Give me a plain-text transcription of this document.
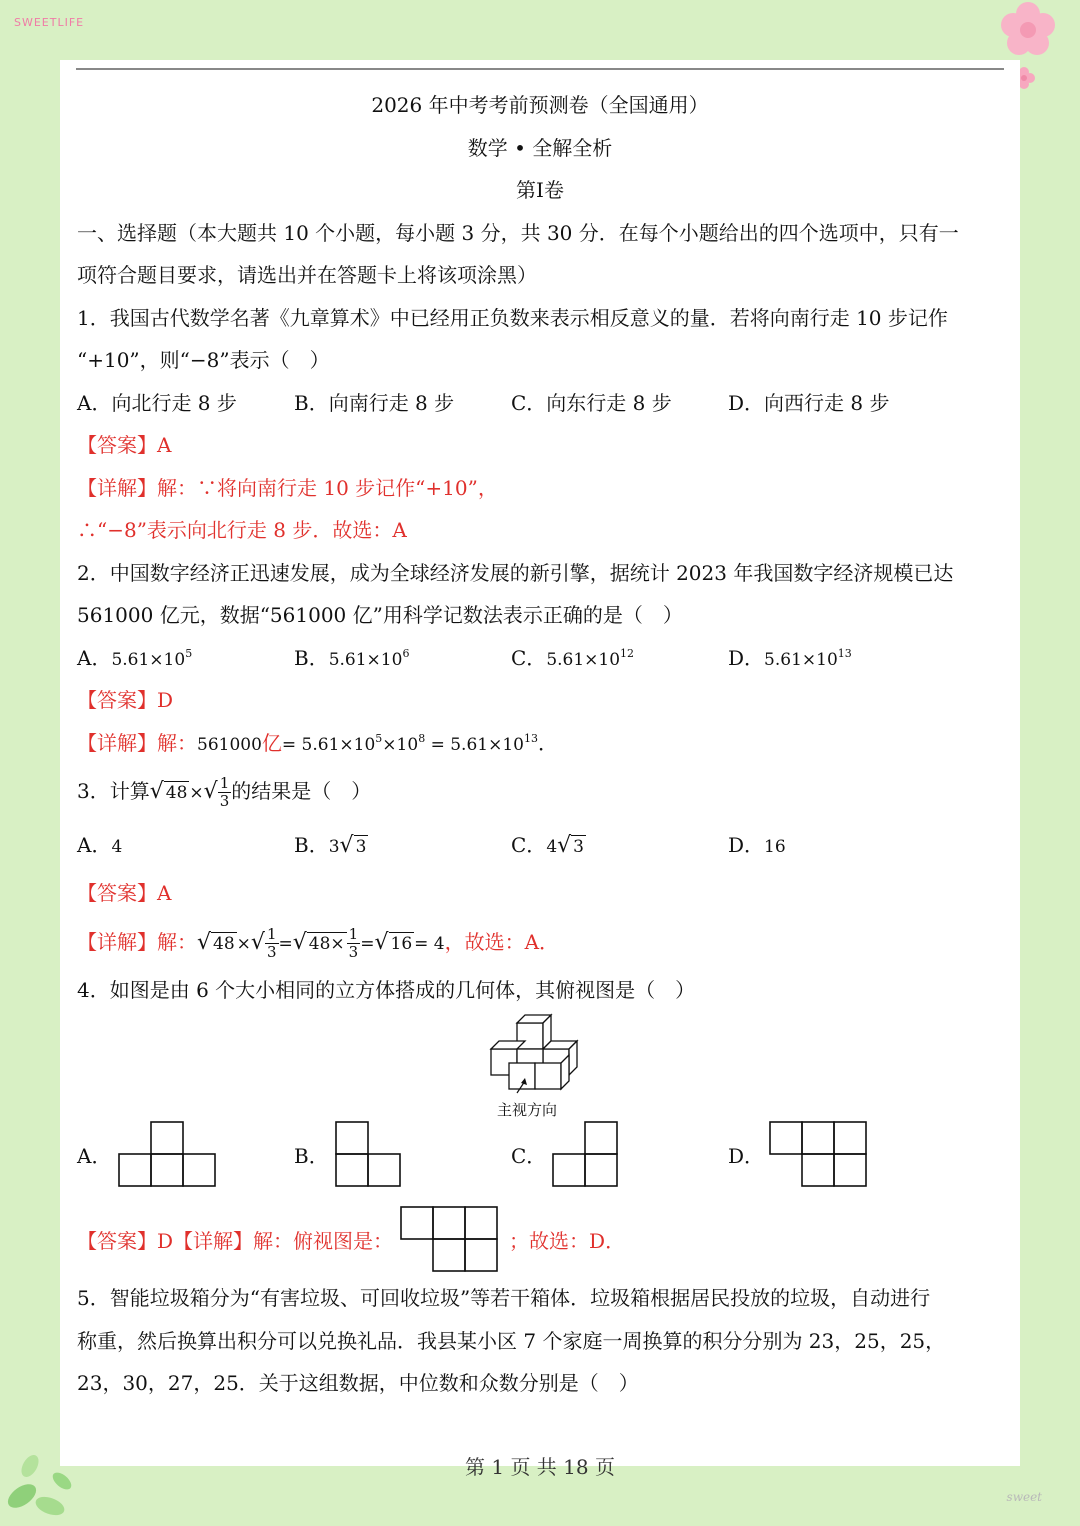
SWEETLIFE
sweet
2026 年中考考前预测卷（全国通用）
数学 • 全解全析
第Ⅰ卷
一、选择题（本大题共 10 个小题，每小题 3 分，共 30 分．在每个小题给出的四个选项中，只有一
项符合题目要求，请选出并在答题卡上将该项涂黑）
1．我国古代数学名著《九章算术》中已经用正负数来表示相反意义的量．若将向南行走 10 步记作
“+10”，则“−8”表示（　）
A．向北行走 8 步	B．向南行走 8 步	C．向东行走 8 步	D．向西行走 8 步
【答案】A
【详解】解：∵将向南行走 10 步记作“+10”，
∴“−8”表示向北行走 8 步．故选：A
2．中国数字经济正迅速发展，成为全球经济发展的新引擎，据统计 2023 年我国数字经济规模已达
561000 亿元，数据“561000 亿”用科学记数法表示正确的是（　）
A．$5.61\times 10^5$	B．$5.61\times 10^6$	C．$5.61\times 10^{12}$	D．$5.61\times 10^{13}$
【答案】D
【详解】解：561000亿= $5.61\times 10^5\times 10^8 = 5.61\times 10^{13}$．
3．计算√ 48 ×√ $\frac{1}{3}$ 的结果是（　）
A．4	B．3√ 3	C．4√ 3	D．16
【答案】A
【详解】解：√ 48 ×√ $\frac{1}{3}$ =√ $48\times \frac{1}{3}$ =√ 16 = 4，故选：A．
4．如图是由 6 个大小相同的立方体搭成的几何体，其俯视图是（　）
主视方向
A．	B．	C．	D．
【答案】D【详解】解：俯视图是：	；故选：D．
5．智能垃圾箱分为“有害垃圾、可回收垃圾”等若干箱体．垃圾箱根据居民投放的垃圾，自动进行
称重，然后换算出积分可以兑换礼品．我县某小区 7 个家庭一周换算的积分分别为 23，25，25，
23，30，27，25．关于这组数据，中位数和众数分别是（　）
第 1 页 共 18 页
